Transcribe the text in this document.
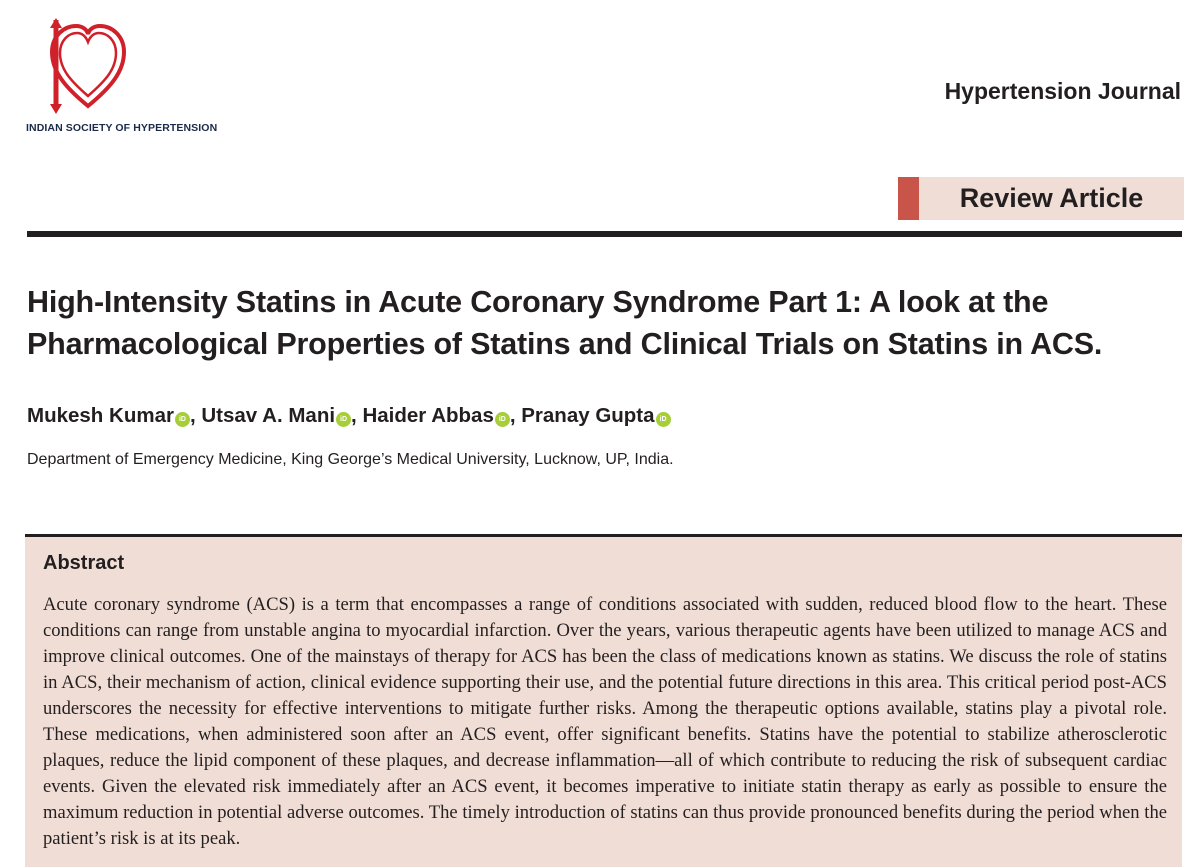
INDIAN SOCIETY OF HYPERTENSION
Hypertension Journal
Review Article
High-Intensity Statins in Acute Coronary Syndrome Part 1: A look at the Pharmacological Properties of Statins and Clinical Trials on Statins in ACS.
Mukesh Kumar iD , Utsav A. Mani iD , Haider Abbas iD , Pranay Gupta iD
Department of Emergency Medicine, King George’s Medical University, Lucknow, UP, India.
Abstract
Acute coronary syndrome (ACS) is a term that encompasses a range of conditions associated with sudden, reduced blood flow to the heart. These conditions can range from unstable angina to myocardial infarction. Over the years, various therapeutic agents have been utilized to manage ACS and improve clinical outcomes. One of the mainstays of therapy for ACS has been the class of medications known as statins. We discuss the role of statins in ACS, their mechanism of action, clinical evidence supporting their use, and the potential future directions in this area. This critical period post-ACS underscores the necessity for effective interventions to mitigate further risks. Among the therapeutic options available, statins play a pivotal role. These medications, when administered soon after an ACS event, offer significant benefits. Statins have the potential to stabilize atherosclerotic plaques, reduce the lipid component of these plaques, and decrease inflammation—all of which contribute to reducing the risk of subsequent cardiac events. Given the elevated risk immediately after an ACS event, it becomes imperative to initiate statin therapy as early as possible to ensure the maximum reduction in potential adverse outcomes. The timely introduction of statins can thus provide pronounced benefits during the period when the patient’s risk is at its peak.
